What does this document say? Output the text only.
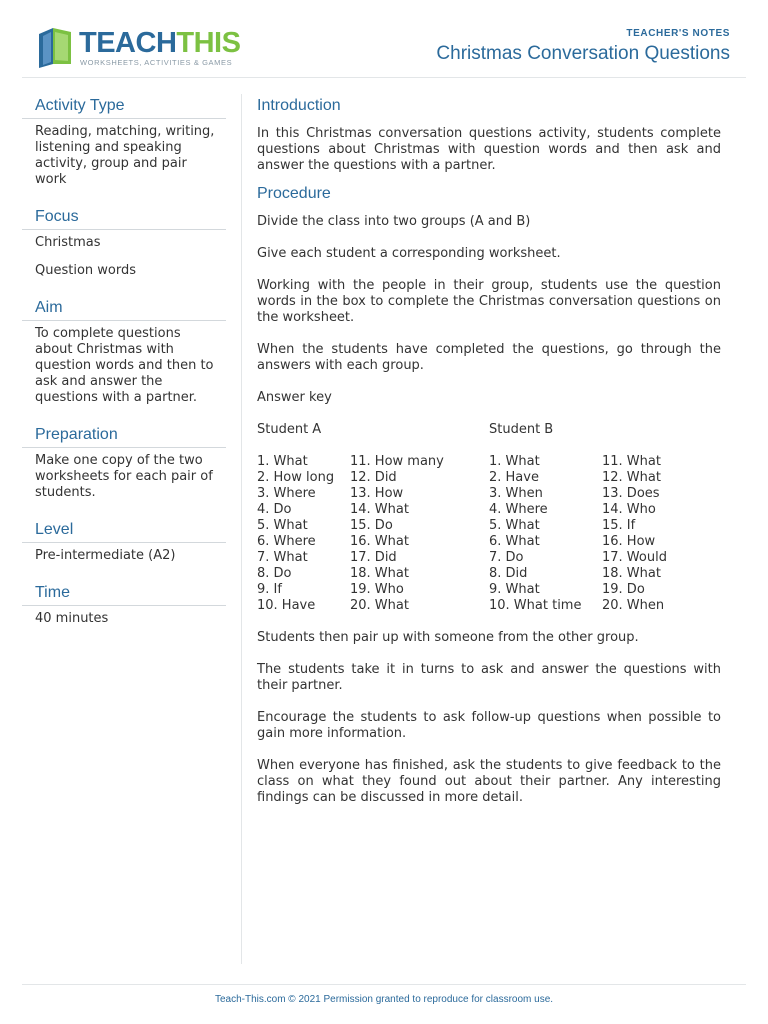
TEACHTHIS
WORKSHEETS, ACTIVITIES & GAMES
TEACHER'S NOTES
Christmas Conversation Questions
Activity Type

Reading, matching, writing, listening and speaking activity, group and pair work

Focus

Christmas

Question words

Aim

To complete questions about Christmas with question words and then to ask and answer the questions with a partner.

Preparation

Make one copy of the two worksheets for each pair of students.

Level

Pre-intermediate (A2)

Time

40 minutes

Introduction

In this Christmas conversation questions activity, students complete questions about Christmas with question words and then ask and answer the questions with a partner.

Procedure

Divide the class into two groups (A and B)

Give each student a corresponding worksheet.

Working with the people in their group, students use the question words in the box to complete the Christmas conversation questions on the worksheet.

When the students have completed the questions, go through the answers with each group.

Answer key

Student A	Student B
1. What
2. How long
3. Where
4. Do
5. What
6. Where
7. What
8. Do
9. If
10. Have
11. How many
12. Did
13. How
14. What
15. Do
16. What
17. Did
18. What
19. Who
20. What
1. What
2. Have
3. When
4. Where
5. What
6. What
7. Do
8. Did
9. What
10. What time
11. What
12. What
13. Does
14. Who
15. If
16. How
17. Would
18. What
19. Do
20. When

Students then pair up with someone from the other group.

The students take it in turns to ask and answer the questions with their partner.

Encourage the students to ask follow-up questions when possible to gain more information.

When everyone has finished, ask the students to give feedback to the class on what they found out about their partner. Any interesting findings can be discussed in more detail.

Teach-This.com © 2021 Permission granted to reproduce for classroom use.
